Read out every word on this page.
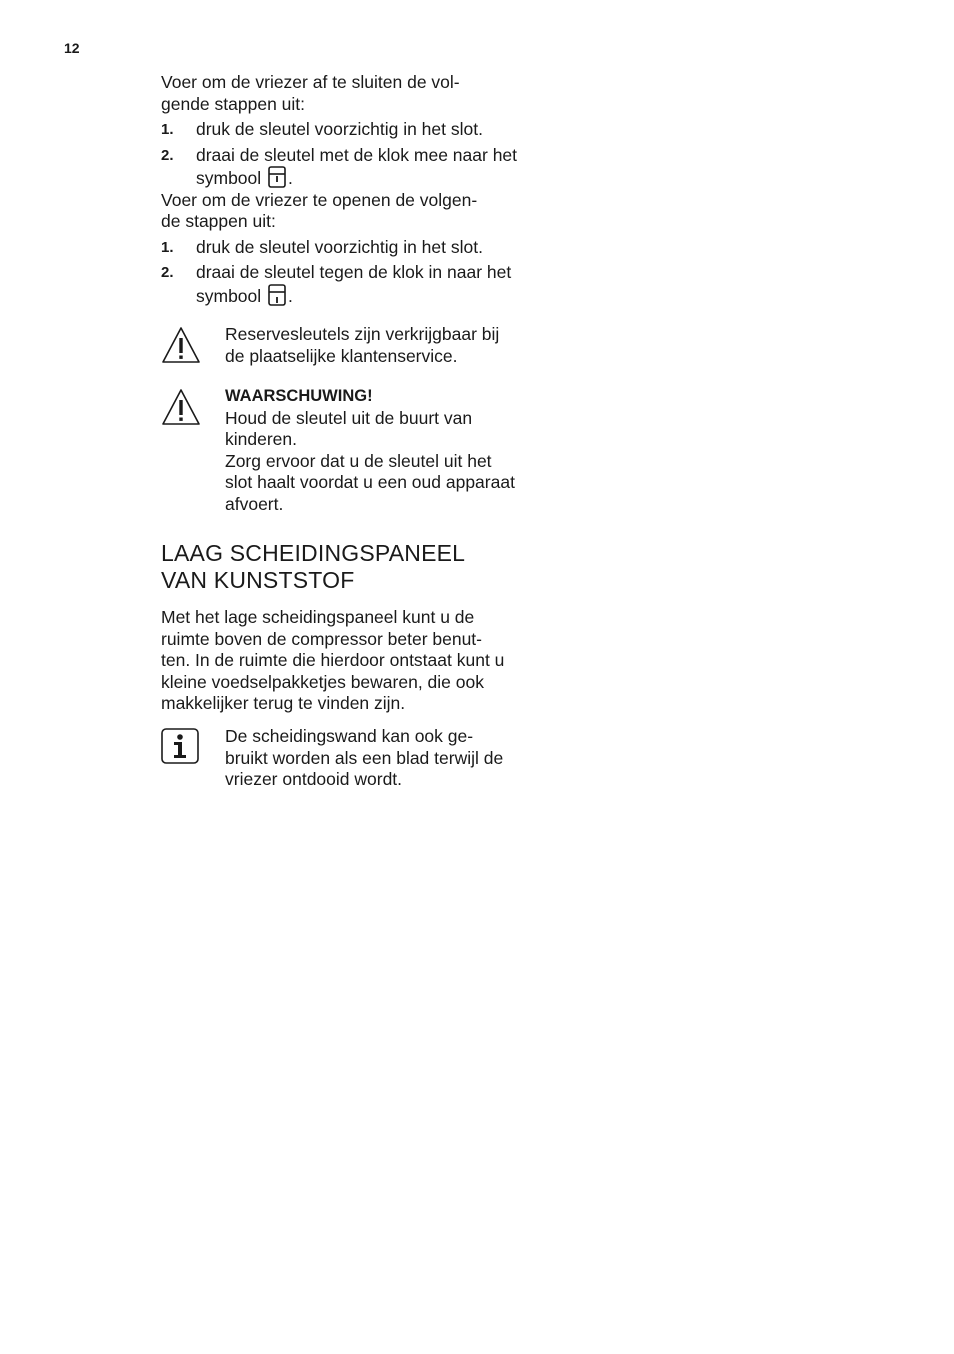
12

Voer om de vriezer af te sluiten de vol-
gende stappen uit:

1. druk de sleutel voorzichtig in het slot.
2. draai de sleutel met de klok mee naar het symbool .

Voer om de vriezer te openen de volgen-
de stappen uit:

1. druk de sleutel voorzichtig in het slot.
2. draai de sleutel tegen de klok in naar het symbool .
Reservesleutels zijn verkrijgbaar bij de plaatselijke klantenservice.
WAARSCHUWING!
Houd de sleutel uit de buurt van kinderen.
Zorg ervoor dat u de sleutel uit het slot haalt voordat u een oud apparaat afvoert.
LAAG SCHEIDINGSPANEEL VAN KUNSTSTOF

Met het lage scheidingspaneel kunt u de ruimte boven de compressor beter benut-
ten. In de ruimte die hierdoor ontstaat kunt u kleine voedselpakketjes bewaren, die ook makkelijker terug te vinden zijn.

De scheidingswand kan ook ge-
bruikt worden als een blad terwijl de vriezer ontdooid wordt.
